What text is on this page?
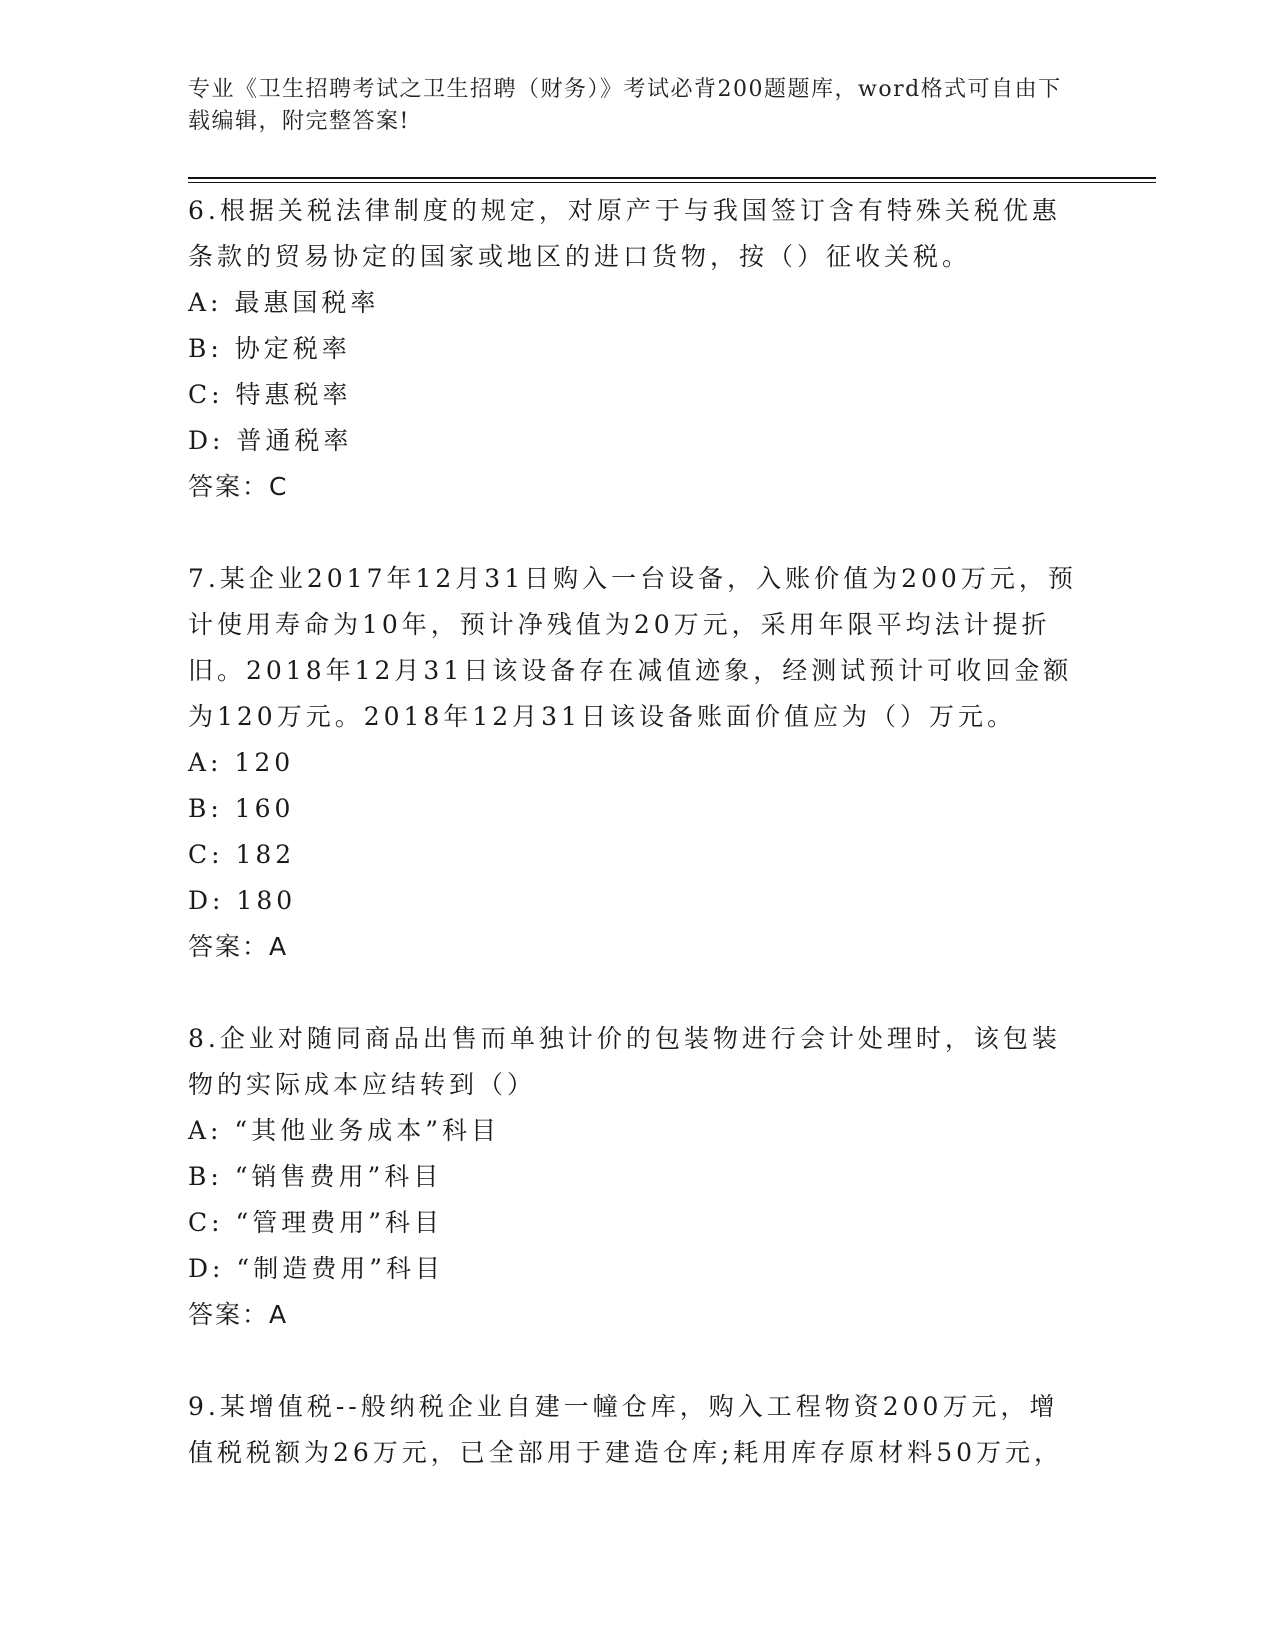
专业《卫生招聘考试之卫生招聘（财务）》考试必背200题题库，word格式可自由下载编辑，附完整答案!

6.根据关税法律制度的规定，对原产于与我国签订含有特殊关税优惠条款的贸易协定的国家或地区的进口货物，按（）征收关税。

A: 最惠国税率

B: 协定税率

C: 特惠税率

D: 普通税率

答案：C

7.某企业2017年12月31日购入一台设备，入账价值为200万元，预计使用寿命为10年，预计净残值为20万元，采用年限平均法计提折旧。2018年12月31日该设备存在减值迹象，经测试预计可收回金额为120万元。2018年12月31日该设备账面价值应为（）万元。

A: 120

B: 160

C: 182

D: 180

答案：A

8.企业对随同商品出售而单独计价的包装物进行会计处理时，该包装物的实际成本应结转到（）

A: “其他业务成本”科目

B: “销售费用”科目

C: “管理费用”科目

D: “制造费用”科目

答案：A

9.某增值税--般纳税企业自建一幢仓库，购入工程物资200万元，增值税税额为26万元，已全部用于建造仓库;耗用库存原材料50万元，
